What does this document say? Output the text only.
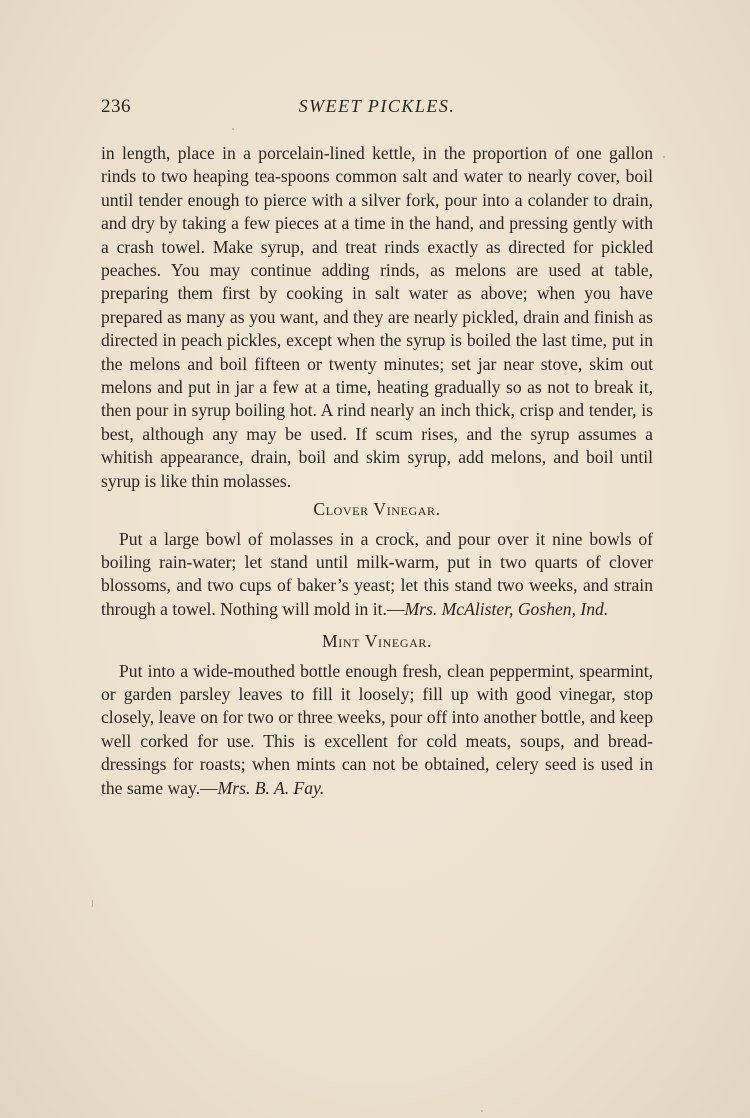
236	SWEET PICKLES.

in length, place in a porcelain-lined kettle, in the proportion of one gallon rinds to two heaping tea-spoons common salt and water to nearly cover, boil until tender enough to pierce with a silver fork, pour into a colander to drain, and dry by taking a few pieces at a time in the hand, and pressing gently with a crash towel. Make syrup, and treat rinds exactly as directed for pickled peaches. You may continue adding rinds, as melons are used at table, preparing them first by cooking in salt water as above; when you have prepared as many as you want, and they are nearly pickled, drain and finish as directed in peach pickles, except when the syrup is boiled the last time, put in the melons and boil fifteen or twenty minutes; set jar near stove, skim out melons and put in jar a few at a time, heating gradually so as not to break it, then pour in syrup boiling hot. A rind nearly an inch thick, crisp and tender, is best, although any may be used. If scum rises, and the syrup assumes a whitish appearance, drain, boil and skim syrup, add melons, and boil until syrup is like thin molasses.

Clover Vinegar.

Put a large bowl of molasses in a crock, and pour over it nine bowls of boiling rain-water; let stand until milk-warm, put in two quarts of clover blossoms, and two cups of baker’s yeast; let this stand two weeks, and strain through a towel. Nothing will mold in it.—Mrs. McAlister, Goshen, Ind.

Mint Vinegar.

Put into a wide-mouthed bottle enough fresh, clean peppermint, spearmint, or garden parsley leaves to fill it loosely; fill up with good vinegar, stop closely, leave on for two or three weeks, pour off into another bottle, and keep well corked for use. This is excellent for cold meats, soups, and bread-dressings for roasts; when mints can not be obtained, celery seed is used in the same way.—Mrs. B. A. Fay.
